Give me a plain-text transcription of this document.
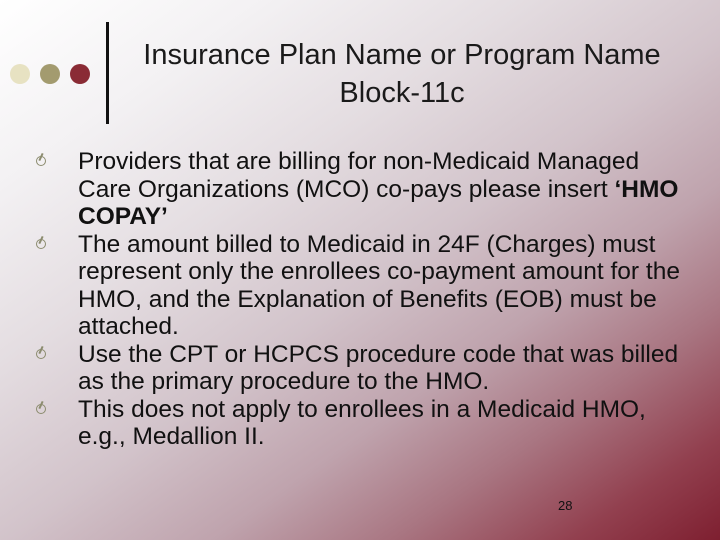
Insurance Plan Name or Program Name
Block-11c
Providers that are billing for non-Medicaid Managed Care Organizations (MCO) co-pays please insert ‘HMO COPAY’
The amount billed to Medicaid in 24F (Charges) must represent only the enrollees co-payment amount for the HMO, and the Explanation of Benefits (EOB) must be attached.
Use the CPT or HCPCS procedure code that was billed as the primary procedure to the HMO.
This does not apply to enrollees in a Medicaid HMO, e.g., Medallion II.
28
